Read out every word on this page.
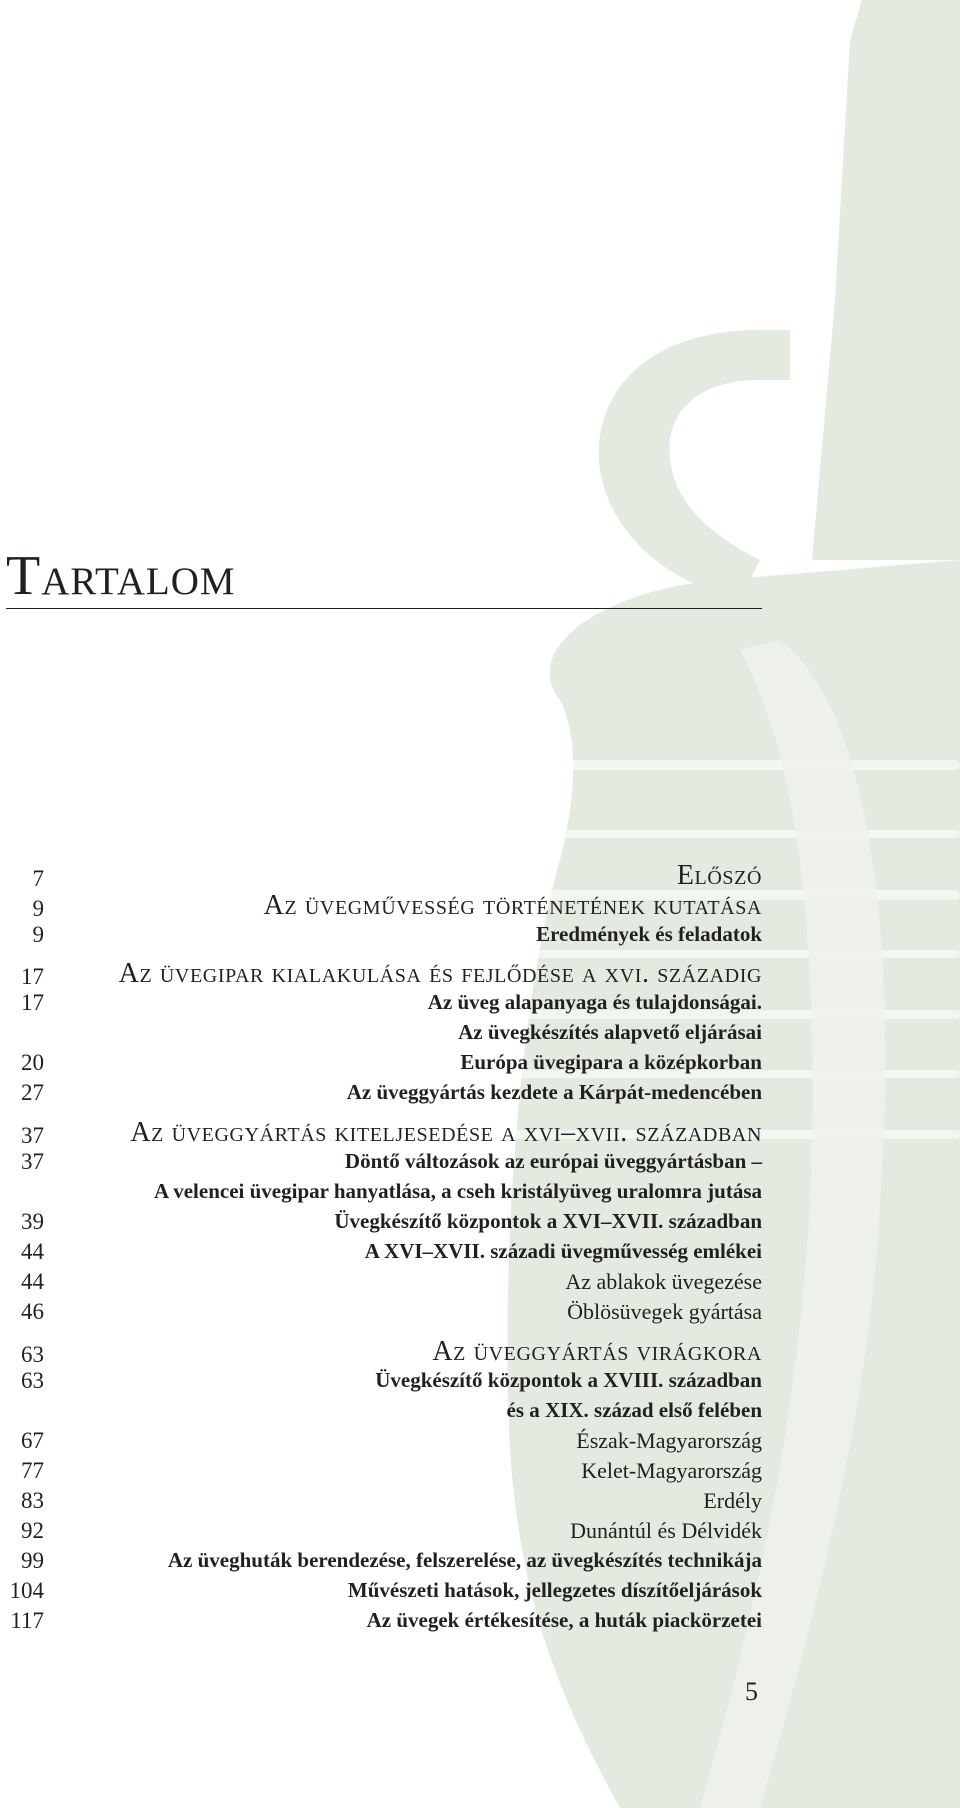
Tartalom
7	Előszó
9	Az üvegművesség történetének kutatása
9	Eredmények és feladatok
17	Az üvegipar kialakulása és fejlődése a xvi. századig
17	Az üveg alapanyaga és tulajdonságai.
Az üvegkészítés alapvető eljárásai
20	Európa üvegipara a középkorban
27	Az üveggyártás kezdete a Kárpát-medencében
37	Az üveggyártás kiteljesedése a xvi–xvii. században
37	Döntő változások az európai üveggyártásban –
A velencei üvegipar hanyatlása, a cseh kristályüveg uralomra jutása
39	Üvegkészítő központok a XVI–XVII. században
44	A XVI–XVII. századi üvegművesség emlékei
44	Az ablakok üvegezése
46	Öblösüvegek gyártása
63	Az üveggyártás virágkora
63	Üvegkészítő központok a XVIII. században
és a XIX. század első felében
67	Észak-Magyarország
77	Kelet-Magyarország
83	Erdély
92	Dunántúl és Délvidék
99	Az üveghuták berendezése, felszerelése, az üvegkészítés technikája
104	Művészeti hatások, jellegzetes díszítőeljárások
117	Az üvegek értékesítése, a huták piackörzetei
5
